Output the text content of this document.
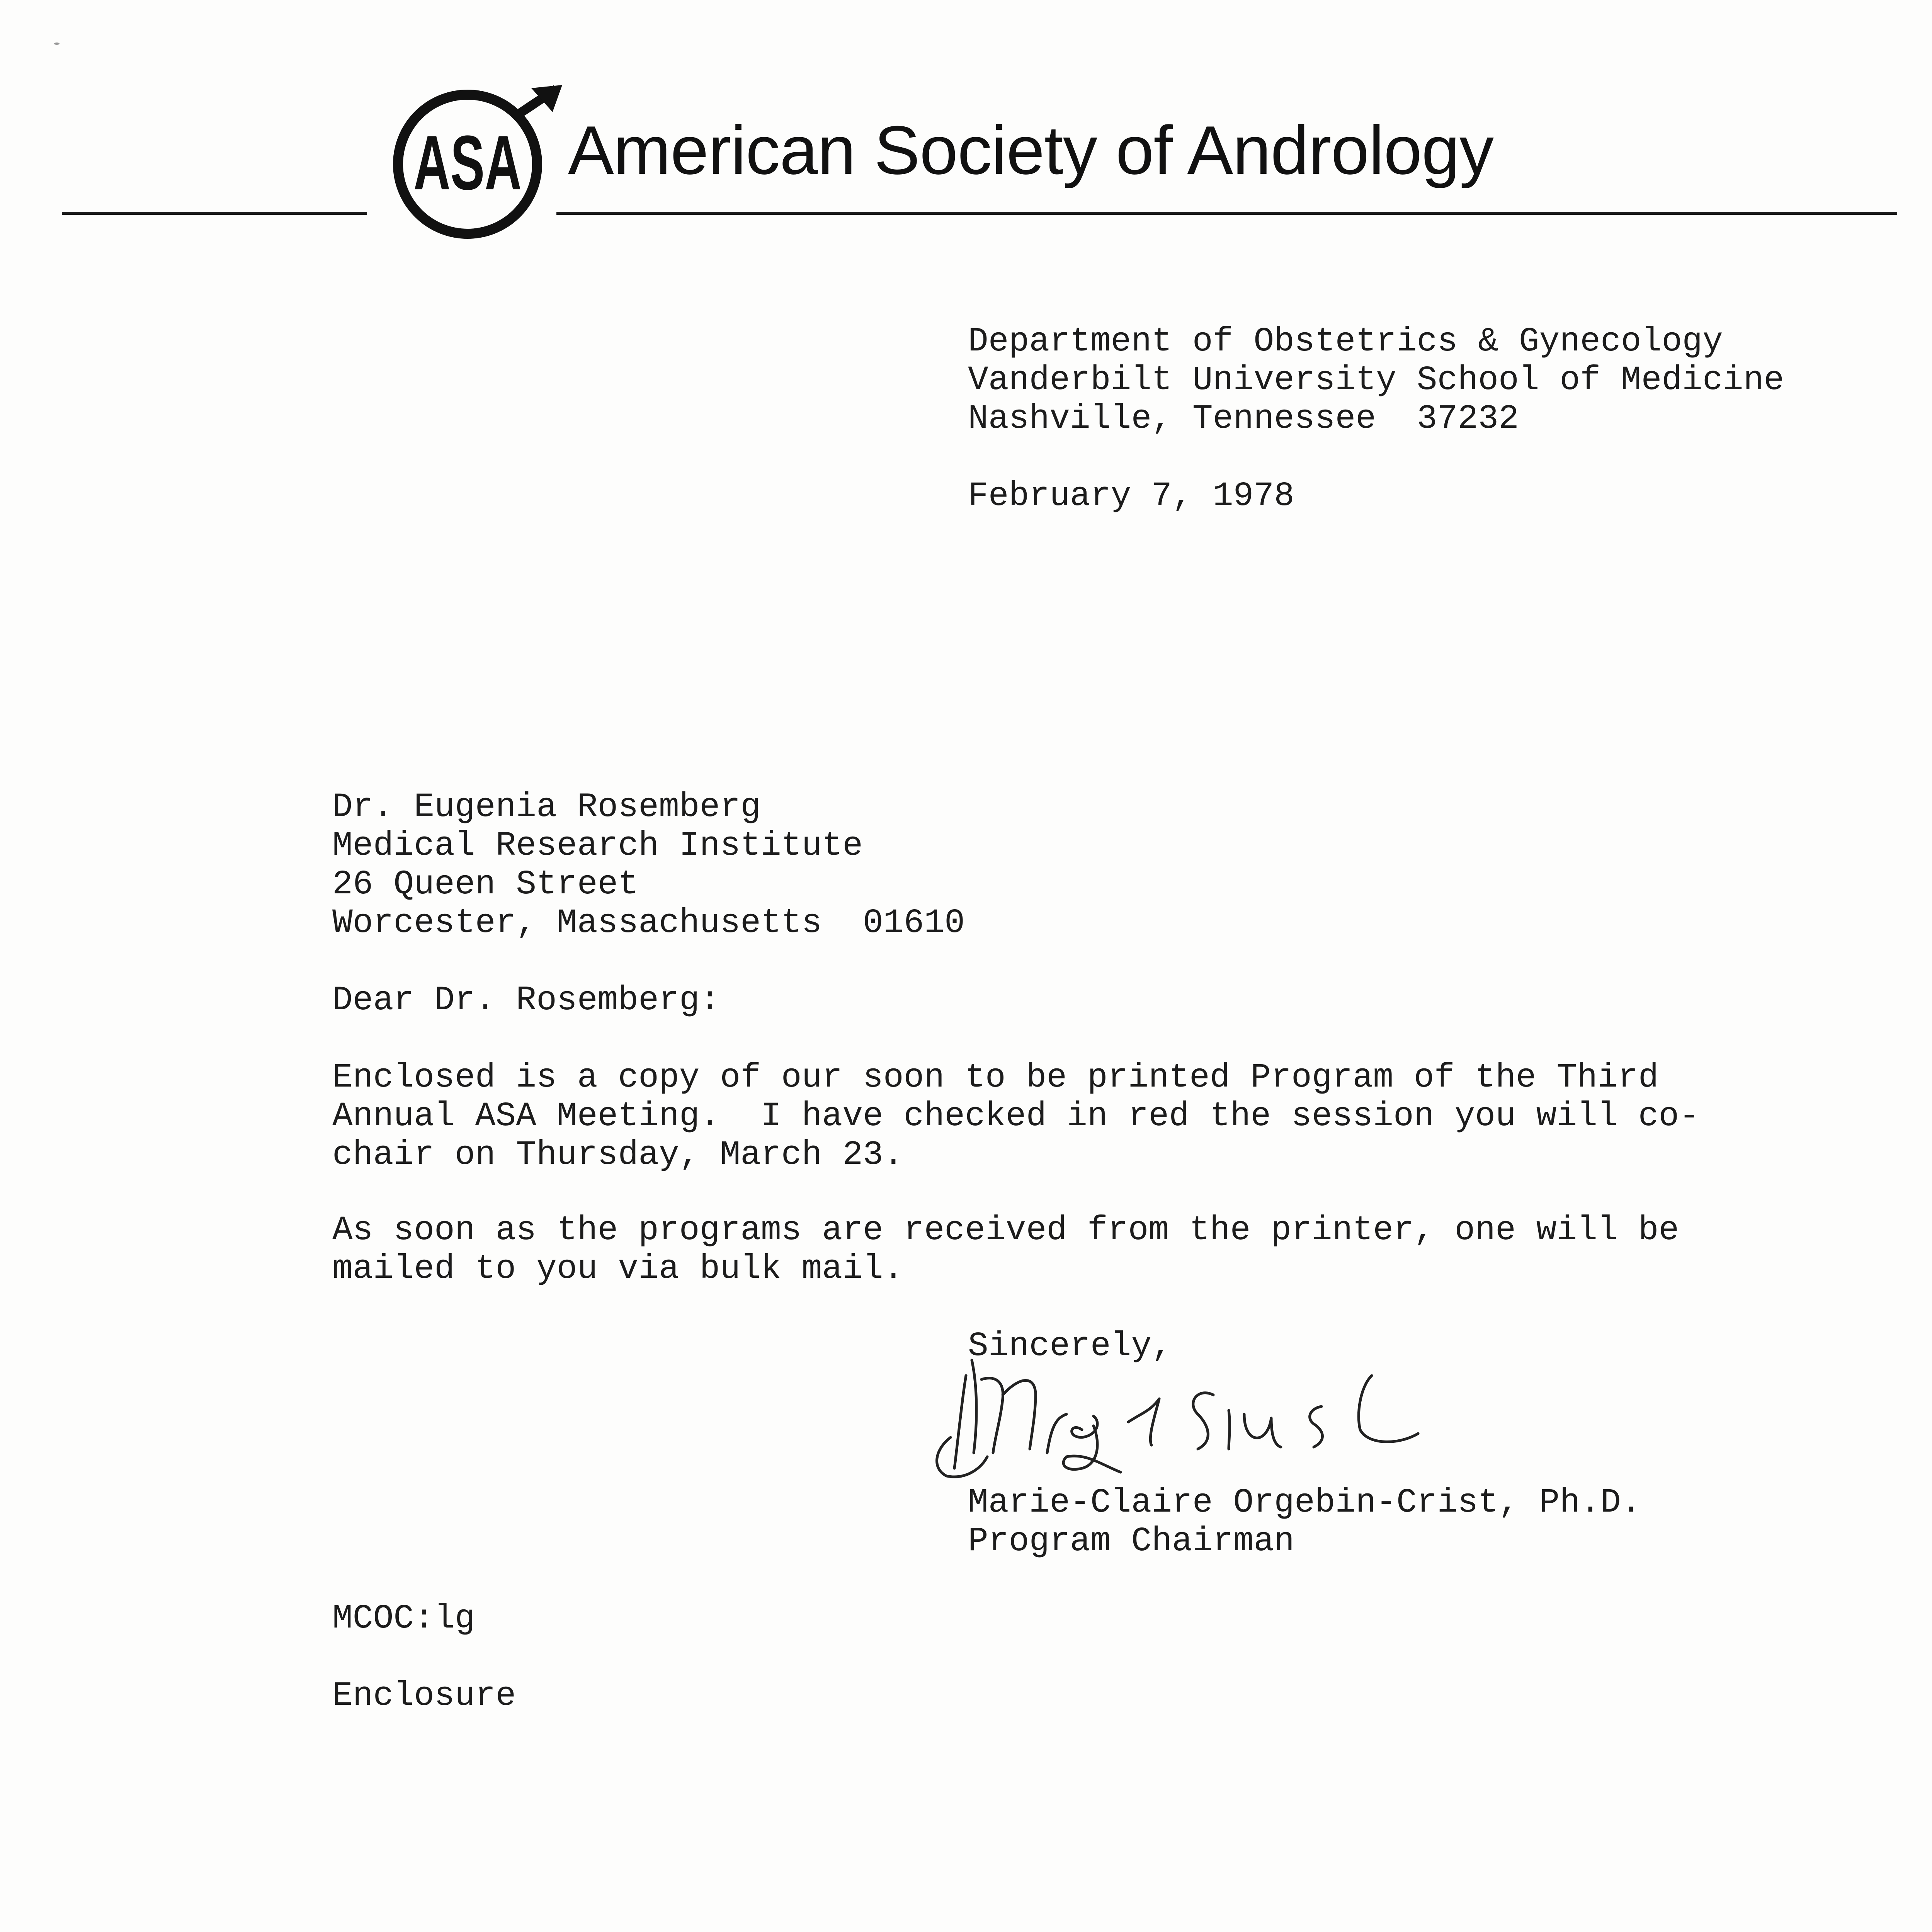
ASA American Society of Andrology
Department of Obstetrics & Gynecology
Vanderbilt University School of Medicine
Nashville, Tennessee  37232
February 7, 1978
Dr. Eugenia Rosemberg
Medical Research Institute
26 Queen Street
Worcester, Massachusetts  01610
Dear Dr. Rosemberg:
Enclosed is a copy of our soon to be printed Program of the Third
Annual ASA Meeting.  I have checked in red the session you will co-
chair on Thursday, March 23.
As soon as the programs are received from the printer, one will be
mailed to you via bulk mail.
Sincerely,
Marie-Claire Orgebin-Crist, Ph.D.
Program Chairman
MCOC:lg
Enclosure
